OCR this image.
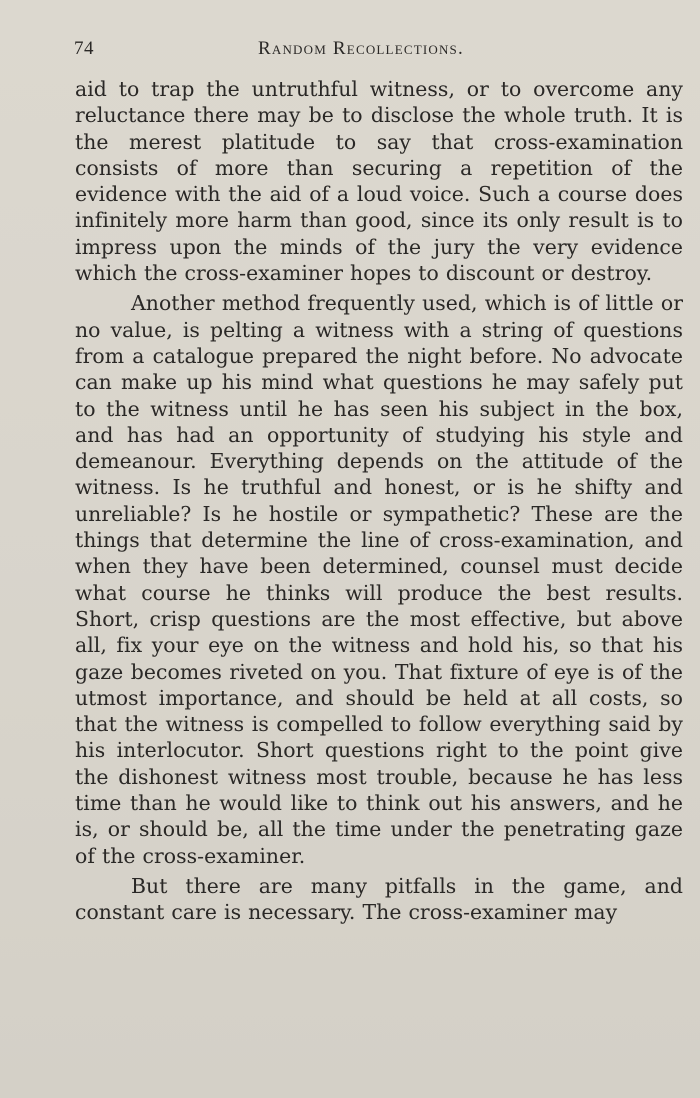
74	Random Recollections.

aid to trap the untruthful witness, or to overcome any reluctance there may be to disclose the whole truth. It is the merest platitude to say that cross-examination consists of more than securing a repetition of the evidence with the aid of a loud voice. Such a course does infinitely more harm than good, since its only result is to impress upon the minds of the jury the very evidence which the cross-examiner hopes to discount or destroy.

Another method frequently used, which is of little or no value, is pelting a witness with a string of questions from a catalogue prepared the night before. No advocate can make up his mind what questions he may safely put to the witness until he has seen his subject in the box, and has had an opportunity of studying his style and demeanour. Everything depends on the attitude of the witness. Is he truthful and honest, or is he shifty and unreliable? Is he hostile or sympathetic? These are the things that determine the line of cross-examination, and when they have been determined, counsel must decide what course he thinks will produce the best results. Short, crisp questions are the most effective, but above all, fix your eye on the witness and hold his, so that his gaze becomes riveted on you. That fixture of eye is of the utmost importance, and should be held at all costs, so that the witness is compelled to follow everything said by his interlocutor. Short questions right to the point give the dishonest witness most trouble, because he has less time than he would like to think out his answers, and he is, or should be, all the time under the penetrating gaze of the cross-examiner.

But there are many pitfalls in the game, and constant care is necessary. The cross-examiner may
